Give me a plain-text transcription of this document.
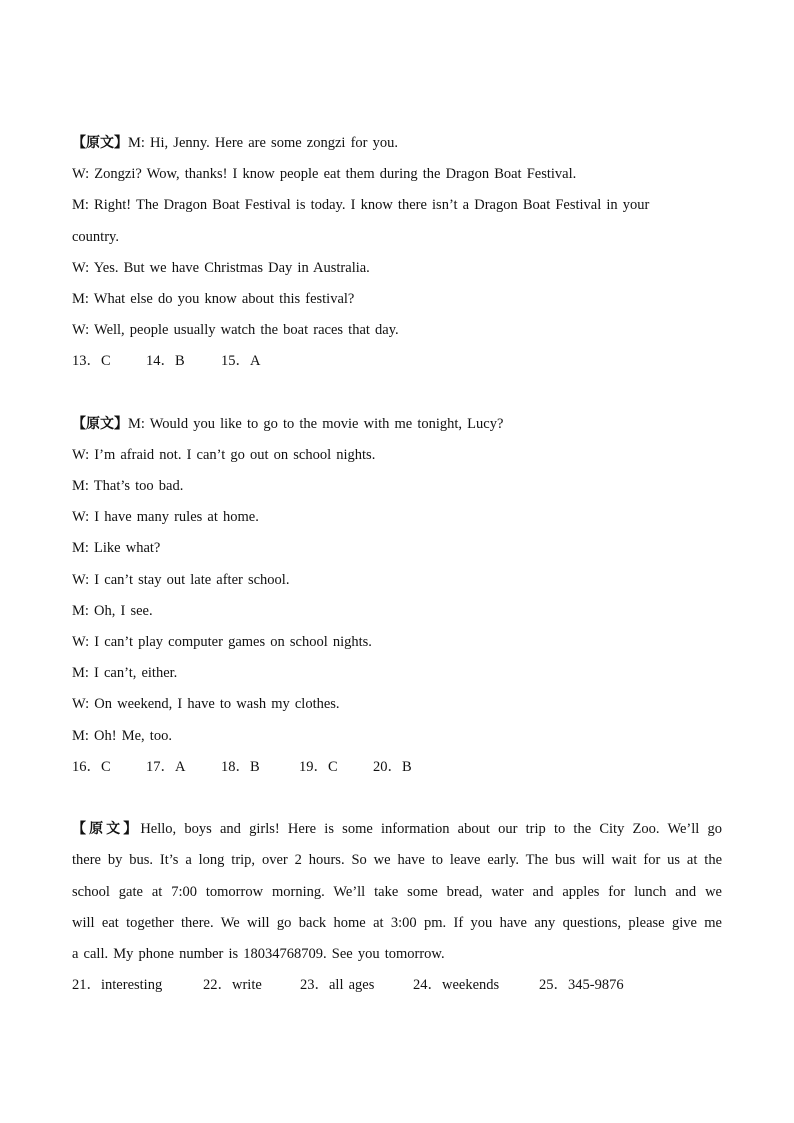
【原文】M: Hi, Jenny. Here are some zongzi for you.
W: Zongzi? Wow, thanks! I know people eat them during the Dragon Boat Festival.
M: Right! The Dragon Boat Festival is today. I know there isn’t a Dragon Boat Festival in your
country.
W: Yes. But we have Christmas Day in Australia.
M: What else do you know about this festival?
W: Well, people usually watch the boat races that day.
13．C	14．B	15．A
【原文】M: Would you like to go to the movie with me tonight, Lucy?
W: I’m afraid not. I can’t go out on school nights.
M: That’s too bad.
W: I have many rules at home.
M: Like what?
W: I can’t stay out late after school.
M: Oh, I see.
W: I can’t play computer games on school nights.
M: I can’t, either.
W: On weekend, I have to wash my clothes.
M: Oh! Me, too.
16．C	17．A	18．B	19．C	20．B
【原文】Hello, boys and girls! Here is some information about our trip to the City Zoo. We’ll go
there by bus. It’s a long trip, over 2 hours. So we have to leave early. The bus will wait for us at the
school gate at 7:00 tomorrow morning. We’ll take some bread, water and apples for lunch and we
will eat together there. We will go back home at 3:00 pm. If you have any questions, please give me
a call. My phone number is 18034768709. See you tomorrow.
21．interesting	22．write	23．all ages	24．weekends	25．345-9876
